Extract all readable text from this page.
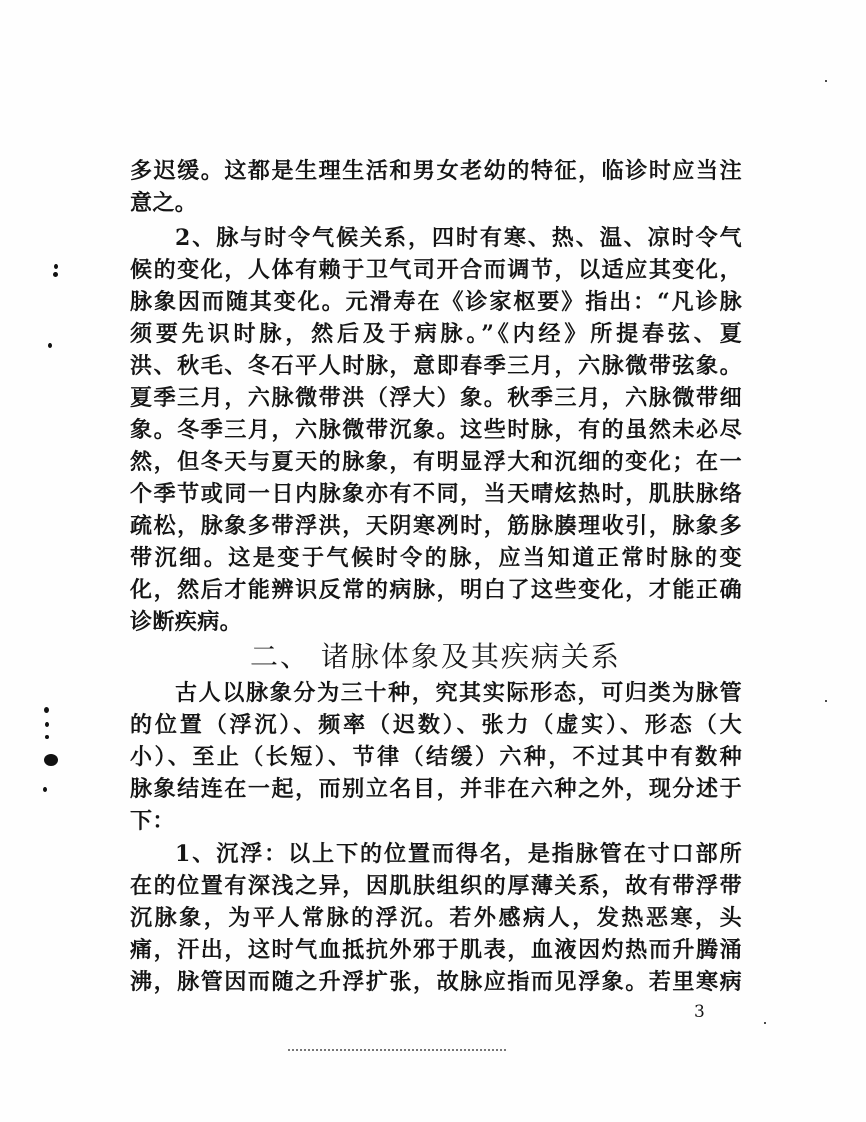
多迟缓。这都是生理生活和男女老幼的特征，临诊时应当注
意之。
2、脉与时令气候关系，四时有寒、热、温、凉时令气
候的变化，人体有赖于卫气司开合而调节，以适应其变化，
脉象因而随其变化。元滑寿在《诊家枢要》指出：“凡诊脉
须要先识时脉，然后及于病脉。”《内经》所提春弦、夏
洪、秋毛、冬石平人时脉，意即春季三月，六脉微带弦象。
夏季三月，六脉微带洪（浮大）象。秋季三月，六脉微带细
象。冬季三月，六脉微带沉象。这些时脉，有的虽然未必尽
然，但冬天与夏天的脉象，有明显浮大和沉细的变化；在一
个季节或同一日内脉象亦有不同，当天晴炫热时，肌肤脉络
疏松，脉象多带浮洪，天阴寒冽时，筋脉腠理收引，脉象多
带沉细。这是变于气候时令的脉，应当知道正常时脉的变
化，然后才能辨识反常的病脉，明白了这些变化，才能正确
诊断疾病。
二、 诸脉体象及其疾病关系
古人以脉象分为三十种，究其实际形态，可归类为脉管
的位置（浮沉）、频率（迟数）、张力（虚实）、形态（大
小）、至止（长短）、节律（结缓）六种，不过其中有数种
脉象结连在一起，而别立名目，并非在六种之外，现分述于
下：
1、沉浮：以上下的位置而得名，是指脉管在寸口部所
在的位置有深浅之异，因肌肤组织的厚薄关系，故有带浮带
沉脉象，为平人常脉的浮沉。若外感病人，发热恶寒，头
痛，汗出，这时气血抵抗外邪于肌表，血液因灼热而升腾涌
沸，脉管因而随之升浮扩张，故脉应指而见浮象。若里寒病
3
